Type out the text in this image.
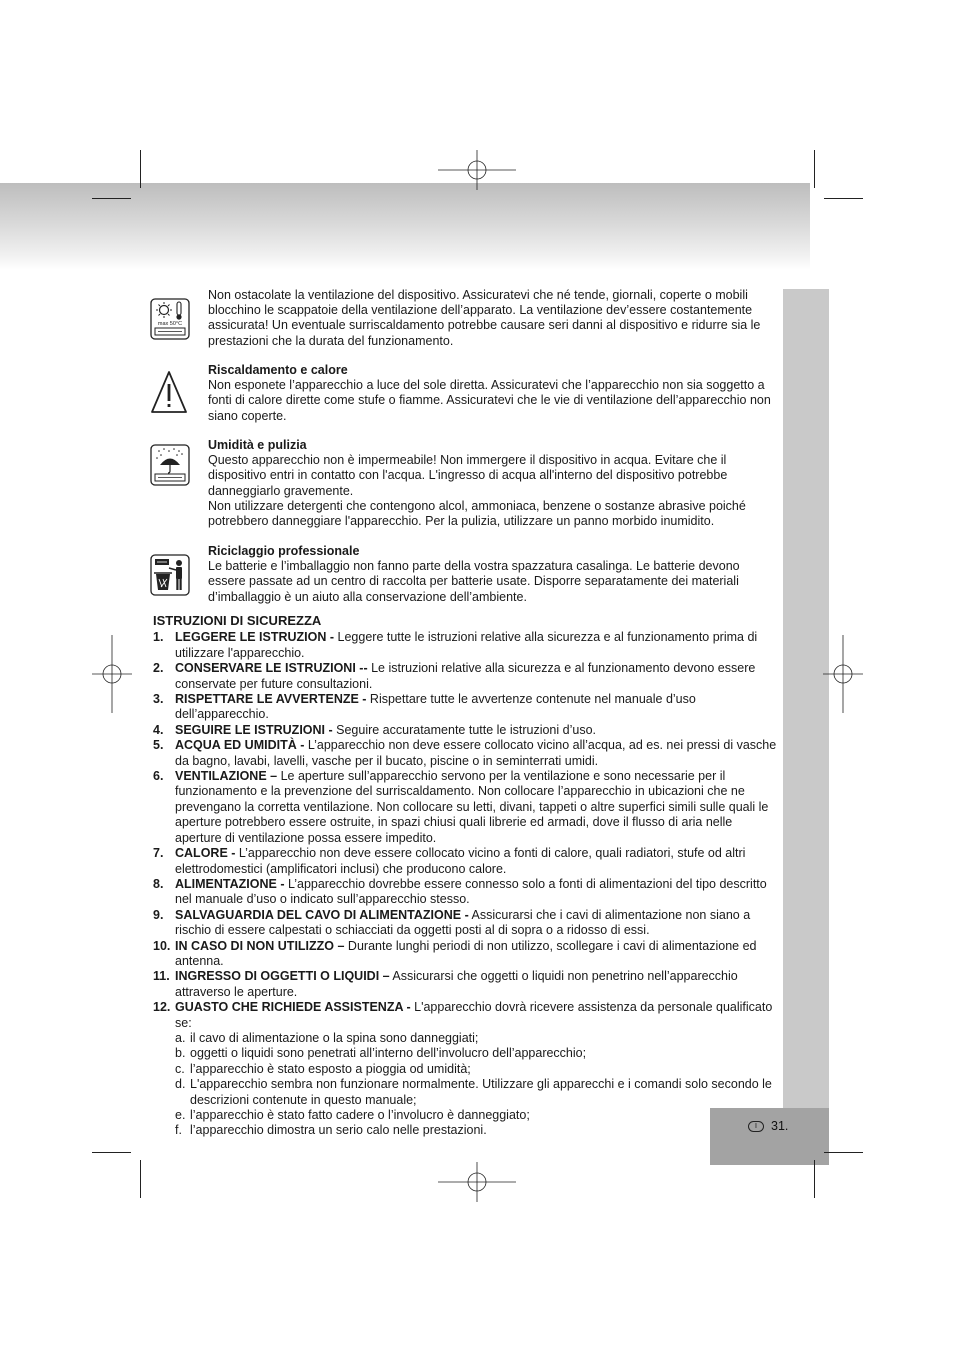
I	31.
max 50°C

Non ostacolate la ventilazione del dispositivo. Assicuratevi che né tende, giornali, coperte o mobili blocchino le scappatoie della ventilazione dell’apparato. La ventilazione dev’essere costantemente assicurata! Un eventuale surriscaldamento potrebbe causare seri danni al dispositivo e ridurre sia le prestazioni che la durata del funzionamento.

Riscaldamento e calore

Non esponete l’apparecchio a luce del sole diretta. Assicuratevi che l’apparecchio non sia soggetto a fonti di calore dirette come stufe o fiamme. Assicuratevi che le vie di ventilazione dell’apparecchio non siano coperte.

Umidità e pulizia

Questo apparecchio non è impermeabile! Non immergere il dispositivo in acqua. Evitare che il dispositivo entri in contatto con l'acqua. L'ingresso di acqua all'interno del dispositivo potrebbe danneggiarlo gravemente.

Non utilizzare detergenti che contengono alcol, ammoniaca, benzene o sostanze abrasive poiché potrebbero danneggiare l'apparecchio. Per la pulizia, utilizzare un panno morbido inumidito.

Riciclaggio professionale

Le batterie e l’imballaggio non fanno parte della vostra spazzatura casalinga. Le batterie devono essere passate ad un centro di raccolta per batterie usate. Disporre separatamente dei materiali d’imballaggio è un aiuto alla conservazione dell’ambiente.

ISTRUZIONI DI SICUREZZA
1. LEGGERE LE ISTRUZION - Leggere tutte le istruzioni relative alla sicurezza e al funzionamento prima di utilizzare l'apparecchio.
2. CONSERVARE LE ISTRUZIONI -- Le istruzioni relative alla sicurezza e al funzionamento devono essere conservate per future consultazioni.
3. RISPETTARE LE AVVERTENZE - Rispettare tutte le avvertenze contenute nel manuale d’uso dell’apparecchio.
4. SEGUIRE LE ISTRUZIONI - Seguire accuratamente tutte le istruzioni d’uso.
5. ACQUA ED UMIDITÀ - L’apparecchio non deve essere collocato vicino all’acqua, ad es. nei pressi di vasche da bagno, lavabi, lavelli, vasche per il bucato, piscine o in seminterrati umidi.
6. VENTILAZIONE – Le aperture sull’apparecchio servono per la ventilazione e sono necessarie per il funzionamento e la prevenzione del surriscaldamento. Non collocare l’apparecchio in ubicazioni che ne prevengano la corretta ventilazione. Non collocare su letti, divani, tappeti o altre superfici simili sulle quali le aperture potrebbero essere ostruite, in spazi chiusi quali librerie ed armadi, dove il flusso di aria nelle aperture di ventilazione possa essere impedito.
7. CALORE - L’apparecchio non deve essere collocato vicino a fonti di calore, quali radiatori, stufe od altri elettrodomestici (amplificatori inclusi) che producono calore.
8. ALIMENTAZIONE - L’apparecchio dovrebbe essere connesso solo a fonti di alimentazioni del tipo descritto nel manuale d’uso o indicato sull’apparecchio stesso.
9. SALVAGUARDIA DEL CAVO DI ALIMENTAZIONE - Assicurarsi che i cavi di alimentazione non siano a rischio di essere calpestati o schiacciati da oggetti posti al di sopra o a ridosso di essi.
10. IN CASO DI NON UTILIZZO – Durante lunghi periodi di non utilizzo, scollegare i cavi di alimentazione ed antenna.
11. INGRESSO DI OGGETTI O LIQUIDI – Assicurarsi che oggetti o liquidi non penetrino nell’apparecchio attraverso le aperture.
12. GUASTO CHE RICHIEDE ASSISTENZA - L'apparecchio dovrà ricevere assistenza da personale qualificato se:
a. il cavo di alimentazione o la spina sono danneggiati;
b. oggetti o liquidi sono penetrati all’interno dell’involucro dell’apparecchio;
c. l’apparecchio è stato esposto a pioggia od umidità;
d. L'apparecchio sembra non funzionare normalmente. Utilizzare gli apparecchi e i comandi solo secondo le descrizioni contenute in questo manuale;
e. l’apparecchio è stato fatto cadere o l’involucro è danneggiato;
f. l’apparecchio dimostra un serio calo nelle prestazioni.
